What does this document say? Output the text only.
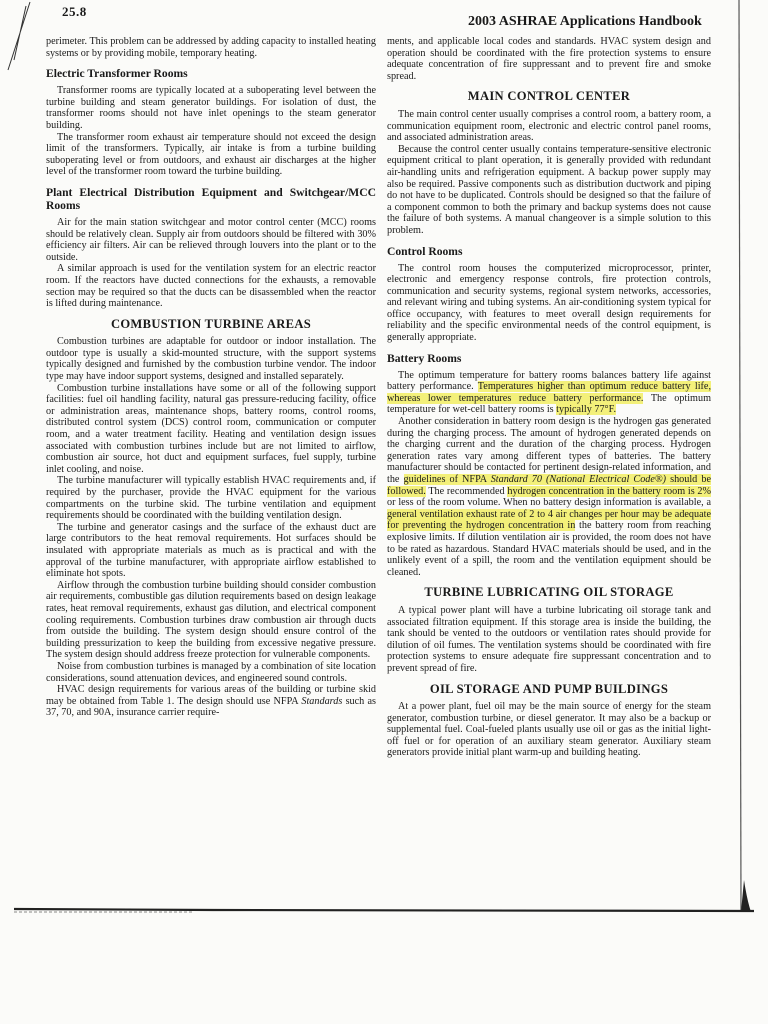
25.8
2003 ASHRAE Applications Handbook

perimeter. This problem can be addressed by adding capacity to installed heating systems or by providing mobile, temporary heating.

Electric Transformer Rooms

Transformer rooms are typically located at a suboperating level between the turbine building and steam generator buildings. For isolation of dust, the transformer rooms should not have inlet openings to the steam generator building.

The transformer room exhaust air temperature should not exceed the design limit of the transformers. Typically, air intake is from a turbine building suboperating level or from outdoors, and exhaust air discharges at the higher level of the transformer room toward the turbine building.

Plant Electrical Distribution Equipment and Switchgear/MCC Rooms

Air for the main station switchgear and motor control center (MCC) rooms should be relatively clean. Supply air from outdoors should be filtered with 30% efficiency air filters. Air can be relieved through louvers into the plant or to the outside.

A similar approach is used for the ventilation system for an electric reactor room. If the reactors have ducted connections for the exhausts, a removable section may be required so that the ducts can be disassembled when the reactor is lifted during maintenance.

COMBUSTION TURBINE AREAS

Combustion turbines are adaptable for outdoor or indoor installation. The outdoor type is usually a skid-mounted structure, with the support systems typically designed and furnished by the combustion turbine vendor. The indoor type may have indoor support systems, designed and installed separately.

Combustion turbine installations have some or all of the following support facilities: fuel oil handling facility, natural gas pressure-reducing facility, office or administration areas, maintenance shops, battery rooms, control rooms, distributed control system (DCS) control room, communication or computer room, and a water treatment facility. Heating and ventilation design issues associated with combustion turbines include but are not limited to airflow, combustion air source, hot duct and equipment surfaces, fuel supply, turbine inlet cooling, and noise.

The turbine manufacturer will typically establish HVAC requirements and, if required by the purchaser, provide the HVAC equipment for the various compartments on the turbine skid. The turbine ventilation and equipment requirements should be coordinated with the building ventilation design.

The turbine and generator casings and the surface of the exhaust duct are large contributors to the heat removal requirements. Hot surfaces should be insulated with appropriate materials as much as is practical and with the approval of the turbine manufacturer, with appropriate airflow established to eliminate hot spots.

Airflow through the combustion turbine building should consider combustion air requirements, combustible gas dilution requirements based on design leakage rates, heat removal requirements, exhaust gas dilution, and electrical component cooling requirements. Combustion turbines draw combustion air through ducts from outside the building. The system design should ensure control of the building pressurization to keep the building from excessive negative pressure. The system design should address freeze protection for vulnerable components.

Noise from combustion turbines is managed by a combination of site location considerations, sound attenuation devices, and engineered sound controls.

HVAC design requirements for various areas of the building or turbine skid may be obtained from Table 1. The design should use NFPA Standards such as 37, 70, and 90A, insurance carrier require-

ments, and applicable local codes and standards. HVAC system design and operation should be coordinated with the fire protection systems to ensure adequate concentration of fire suppressant and to prevent fire and smoke spread.

MAIN CONTROL CENTER

The main control center usually comprises a control room, a battery room, a communication equipment room, electronic and electric control panel rooms, and associated administration areas.

Because the control center usually contains temperature-sensitive electronic equipment critical to plant operation, it is generally provided with redundant air-handling units and refrigeration equipment. A backup power supply may also be required. Passive components such as distribution ductwork and piping do not have to be duplicated. Controls should be designed so that the failure of a component common to both the primary and backup systems does not cause the failure of both systems. A manual changeover is a simple solution to this problem.

Control Rooms

The control room houses the computerized microprocessor, printer, electronic and emergency response controls, fire protection controls, communication and security systems, regional system networks, accessories, and relevant wiring and tubing systems. An air-conditioning system typical for office occupancy, with features to meet overall design requirements for reliability and the specific environmental needs of the control equipment, is generally appropriate.

Battery Rooms

The optimum temperature for battery rooms balances battery life against battery performance. Temperatures higher than optimum reduce battery life, whereas lower temperatures reduce battery performance. The optimum temperature for wet-cell battery rooms is typically 77°F.

Another consideration in battery room design is the hydrogen gas generated during the charging process. The amount of hydrogen generated depends on the charging current and the duration of the charging process. Hydrogen generation rates vary among different types of batteries. The battery manufacturer should be contacted for pertinent design-related information, and the guidelines of NFPA Standard 70 (National Electrical Code®) should be followed. The recommended hydrogen concentration in the battery room is 2% or less of the room volume. When no battery design information is available, a general ventilation exhaust rate of 2 to 4 air changes per hour may be adequate for preventing the hydrogen concentration in the battery room from reaching explosive limits. If dilution ventilation air is provided, the room does not have to be rated as hazardous. Standard HVAC materials should be used, and in the unlikely event of a spill, the room and the ventilation equipment should be cleaned.

TURBINE LUBRICATING OIL STORAGE

A typical power plant will have a turbine lubricating oil storage tank and associated filtration equipment. If this storage area is inside the building, the tank should be vented to the outdoors or ventilation rates should provide for dilution of oil fumes. The ventilation systems should be coordinated with fire protection systems to ensure adequate fire suppressant concentration and to prevent spread of fire.

OIL STORAGE AND PUMP BUILDINGS

At a power plant, fuel oil may be the main source of energy for the steam generator, combustion turbine, or diesel generator. It may also be a backup or supplemental fuel. Coal-fueled plants usually use oil or gas as the initial light-off fuel or for operation of an auxiliary steam generator. Auxiliary steam generators provide initial plant warm-up and building heating.
